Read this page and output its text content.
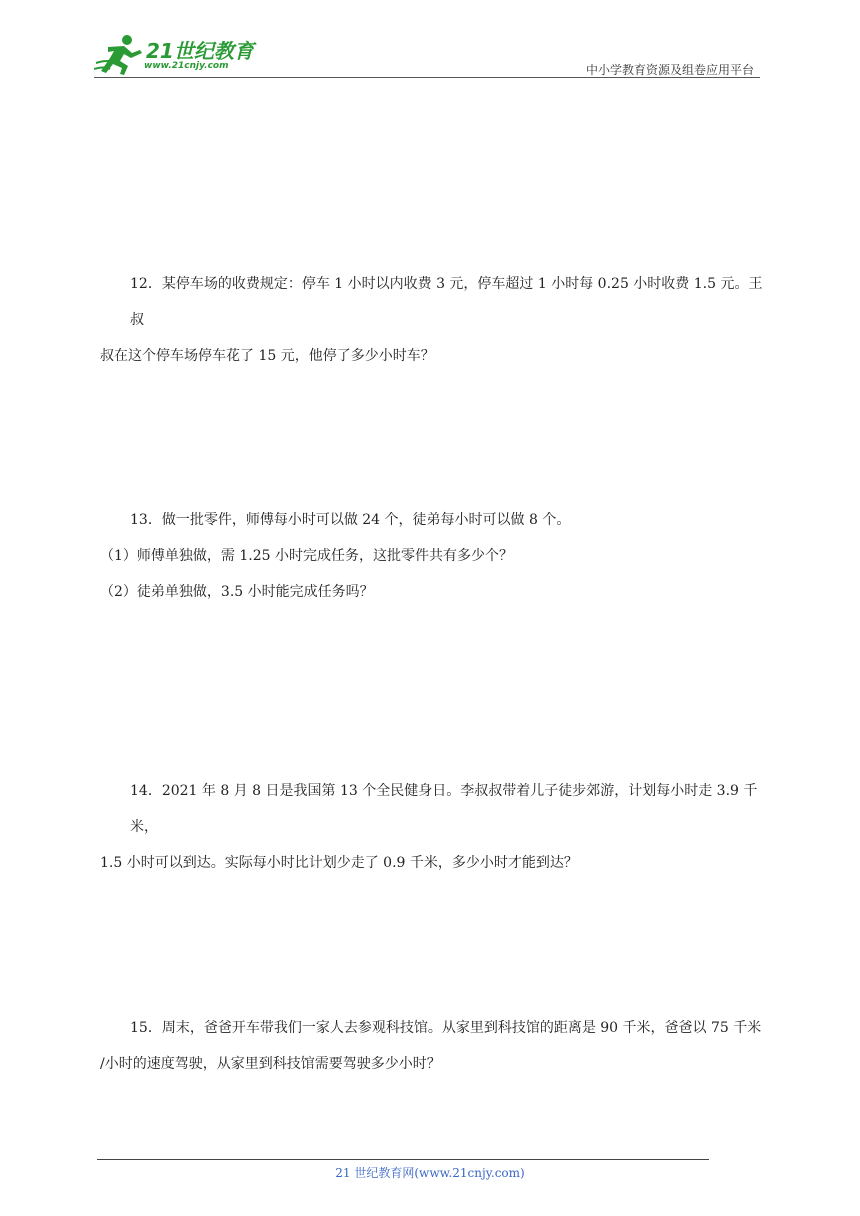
21世纪教育
www.21cnjy.com	中小学教育资源及组卷应用平台

12．某停车场的收费规定：停车 1 小时以内收费 3 元，停车超过 1 小时每 0.25 小时收费 1.5 元。王叔

叔在这个停车场停车花了 15 元，他停了多少小时车？

13．做一批零件，师傅每小时可以做 24 个，徒弟每小时可以做 8 个。

（1）师傅单独做，需 1.25 小时完成任务，这批零件共有多少个？

（2）徒弟单独做，3.5 小时能完成任务吗？

14．2021 年 8 月 8 日是我国第 13 个全民健身日。李叔叔带着儿子徒步郊游，计划每小时走 3.9 千米，

1.5 小时可以到达。实际每小时比计划少走了 0.9 千米，多少小时才能到达？

15．周末，爸爸开车带我们一家人去参观科技馆。从家里到科技馆的距离是 90 千米，爸爸以 75 千米

/小时的速度驾驶，从家里到科技馆需要驾驶多少小时？

21 世纪教育网(www.21cnjy.com)
